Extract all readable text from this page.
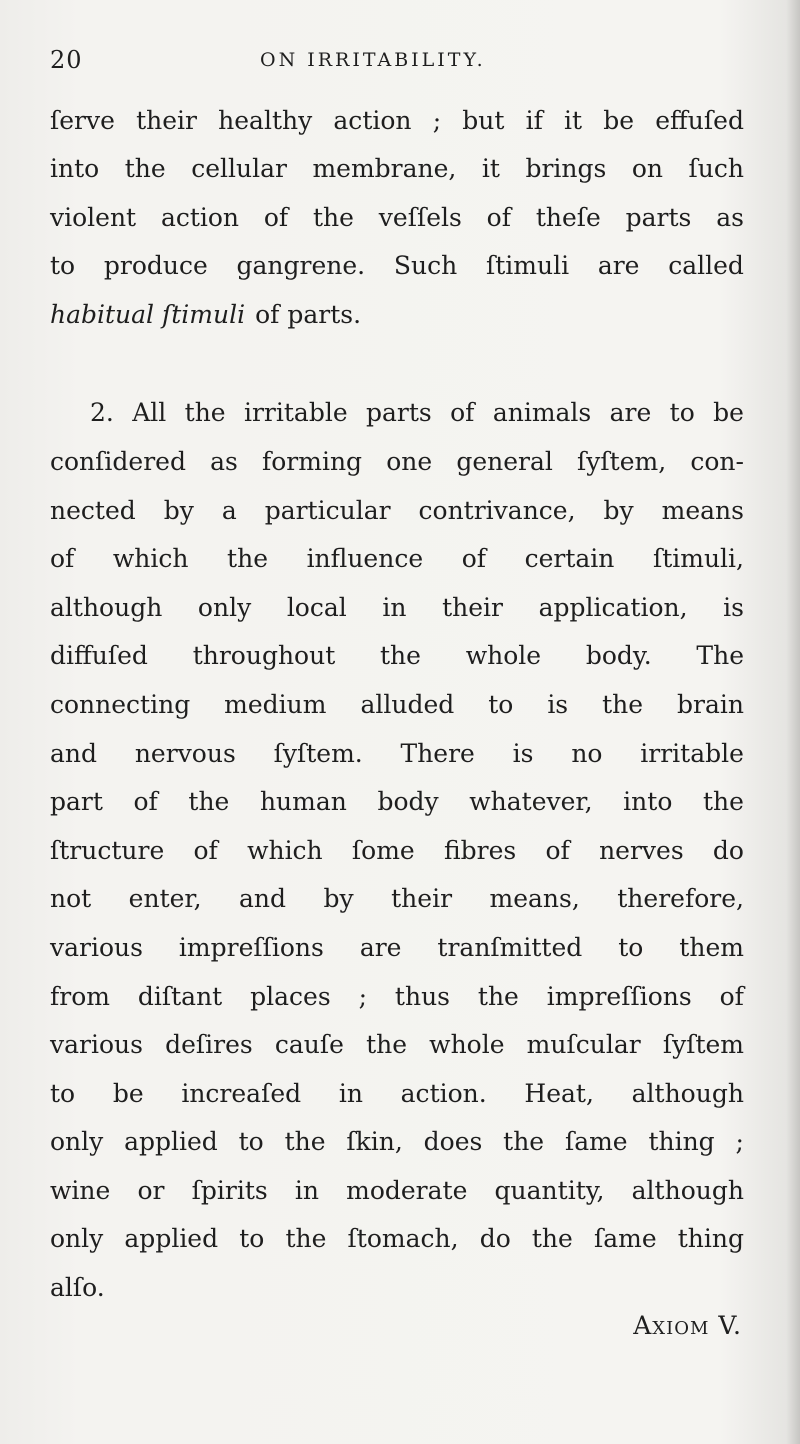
20	ON IRRITABILITY.
ſerve their healthy action ; but if it be effuſed
into the cellular membrane, it brings on ſuch
violent action of the veſſels of theſe parts as
to produce gangrene. Such ſtimuli are called
habitual ſtimuli of parts.
2. All the irritable parts of animals are to be
conſidered as forming one general ſyſtem, con-
nected by a particular contrivance, by means
of which the influence of certain ſtimuli,
although only local in their application, is
diffuſed throughout the whole body. The
connecting medium alluded to is the brain
and nervous ſyſtem. There is no irritable
part of the human body whatever, into the
ſtructure of which ſome fibres of nerves do
not enter, and by their means, therefore,
various impreſſions are tranſmitted to them
from diſtant places ; thus the impreſſions of
various deſires cauſe the whole muſcular ſyſtem
to be increaſed in action. Heat, although
only applied to the ſkin, does the ſame thing ;
wine or ſpirits in moderate quantity, although
only applied to the ſtomach, do the ſame thing
alſo.
Axiom V.
